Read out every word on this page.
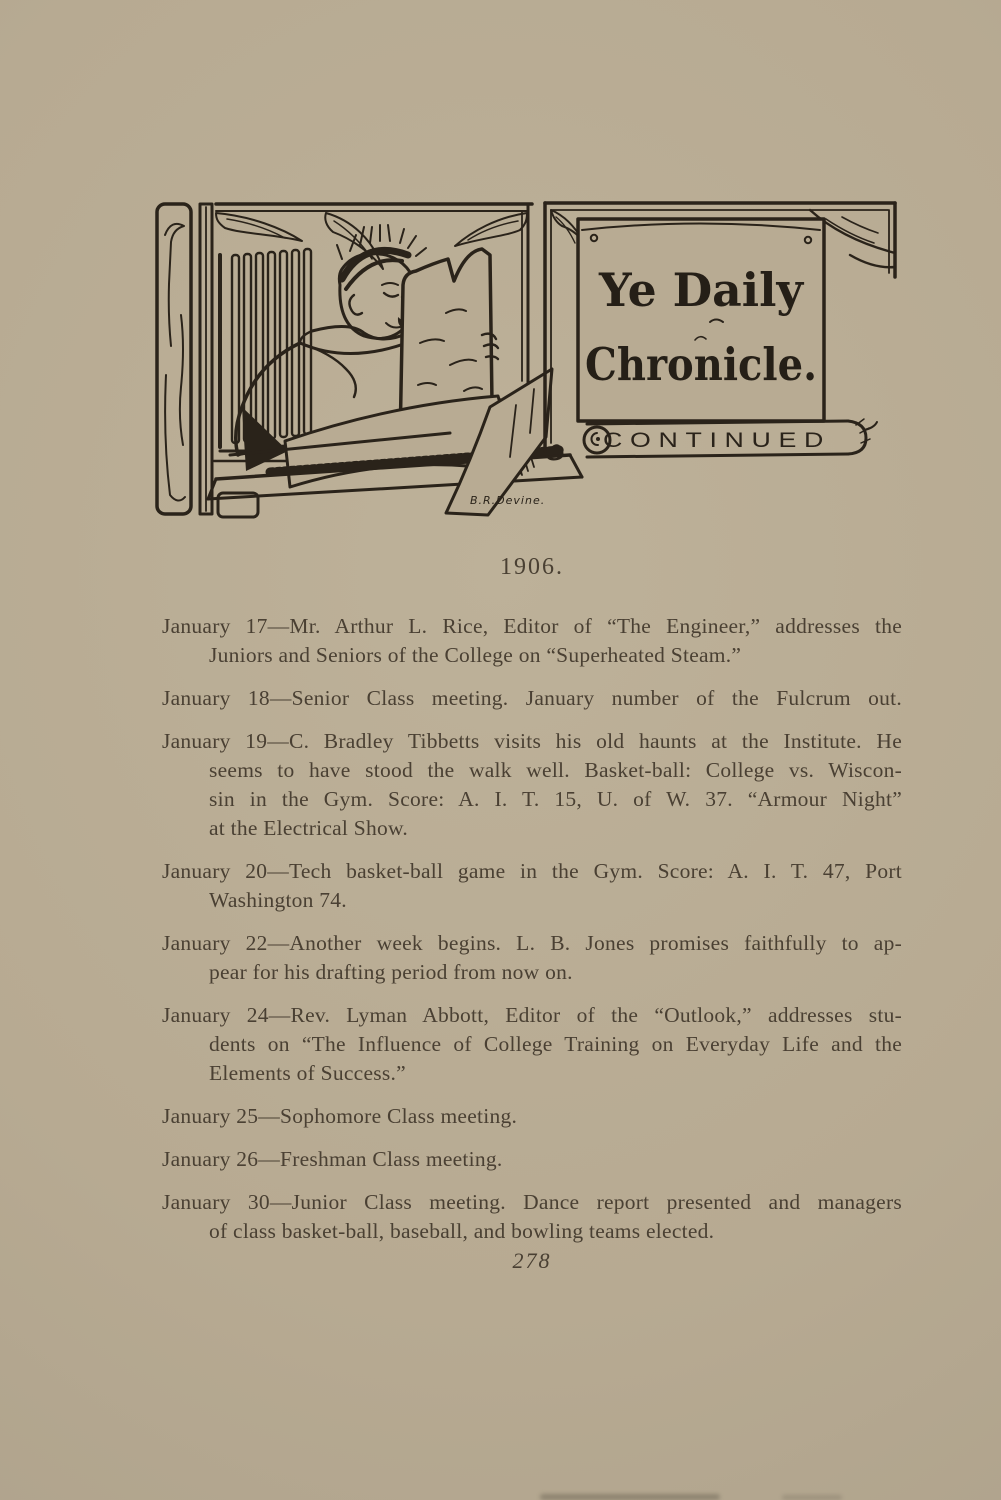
B.R.Devine.
Ye Daily
Chronicle.
CONTINUED
1906.

January 17—Mr. Arthur L. Rice, Editor of “The Engineer,” addresses the
Juniors and Seniors of the College on “Superheated Steam.”

January 18—Senior Class meeting. January number of the Fulcrum out.

January 19—C. Bradley Tibbetts visits his old haunts at the Institute. He
seems to have stood the walk well. Basket-ball: College vs. Wiscon-
sin in the Gym. Score: A. I. T. 15, U. of W. 37. “Armour Night”
at the Electrical Show.

January 20—Tech basket-ball game in the Gym. Score: A. I. T. 47, Port
Washington 74.

January 22—Another week begins. L. B. Jones promises faithfully to ap-
pear for his drafting period from now on.

January 24—Rev. Lyman Abbott, Editor of the “Outlook,” addresses stu-
dents on “The Influence of College Training on Everyday Life and the
Elements of Success.”

January 25—Sophomore Class meeting.

January 26—Freshman Class meeting.

January 30—Junior Class meeting. Dance report presented and managers
of class basket-ball, baseball, and bowling teams elected.

278
